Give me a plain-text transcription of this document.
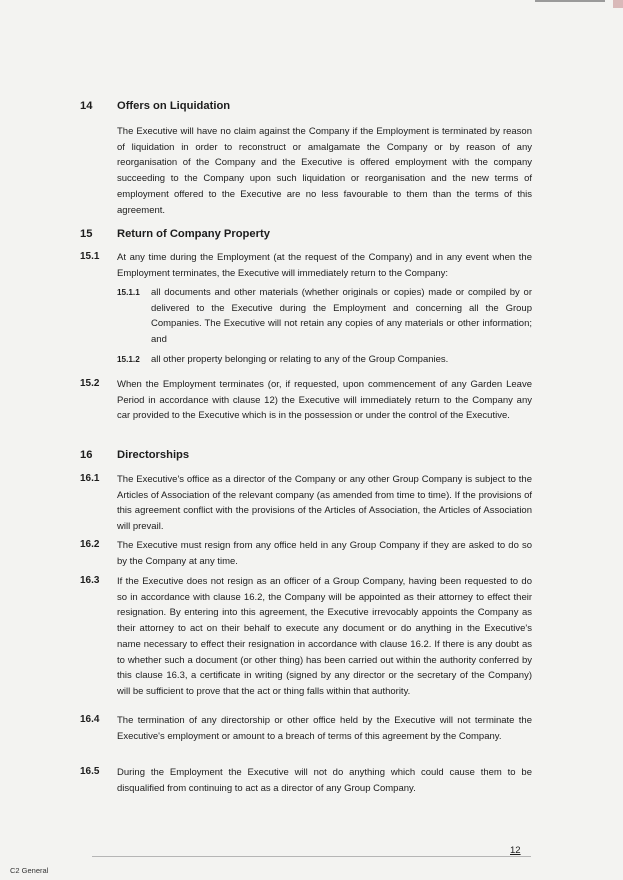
14 Offers on Liquidation
The Executive will have no claim against the Company if the Employment is terminated by reason of liquidation in order to reconstruct or amalgamate the Company or by reason of any reorganisation of the Company and the Executive is offered employment with the company succeeding to the Company upon such liquidation or reorganisation and the new terms of employment offered to the Executive are no less favourable to them than the terms of this agreement.
15 Return of Company Property
15.1 At any time during the Employment (at the request of the Company) and in any event when the Employment terminates, the Executive will immediately return to the Company:
15.1.1 all documents and other materials (whether originals or copies) made or compiled by or delivered to the Executive during the Employment and concerning all the Group Companies. The Executive will not retain any copies of any materials or other information; and
15.1.2 all other property belonging or relating to any of the Group Companies.
15.2 When the Employment terminates (or, if requested, upon commencement of any Garden Leave Period in accordance with clause 12) the Executive will immediately return to the Company any car provided to the Executive which is in the possession or under the control of the Executive.
16 Directorships
16.1 The Executive's office as a director of the Company or any other Group Company is subject to the Articles of Association of the relevant company (as amended from time to time). If the provisions of this agreement conflict with the provisions of the Articles of Association, the Articles of Association will prevail.
16.2 The Executive must resign from any office held in any Group Company if they are asked to do so by the Company at any time.
16.3 If the Executive does not resign as an officer of a Group Company, having been requested to do so in accordance with clause 16.2, the Company will be appointed as their attorney to effect their resignation. By entering into this agreement, the Executive irrevocably appoints the Company as their attorney to act on their behalf to execute any document or do anything in the Executive's name necessary to effect their resignation in accordance with clause 16.2. If there is any doubt as to whether such a document (or other thing) has been carried out within the authority conferred by this clause 16.3, a certificate in writing (signed by any director or the secretary of the Company) will be sufficient to prove that the act or thing falls within that authority.
16.4 The termination of any directorship or other office held by the Executive will not terminate the Executive's employment or amount to a breach of terms of this agreement by the Company.
16.5 During the Employment the Executive will not do anything which could cause them to be disqualified from continuing to act as a director of any Group Company.
12
C2 General
